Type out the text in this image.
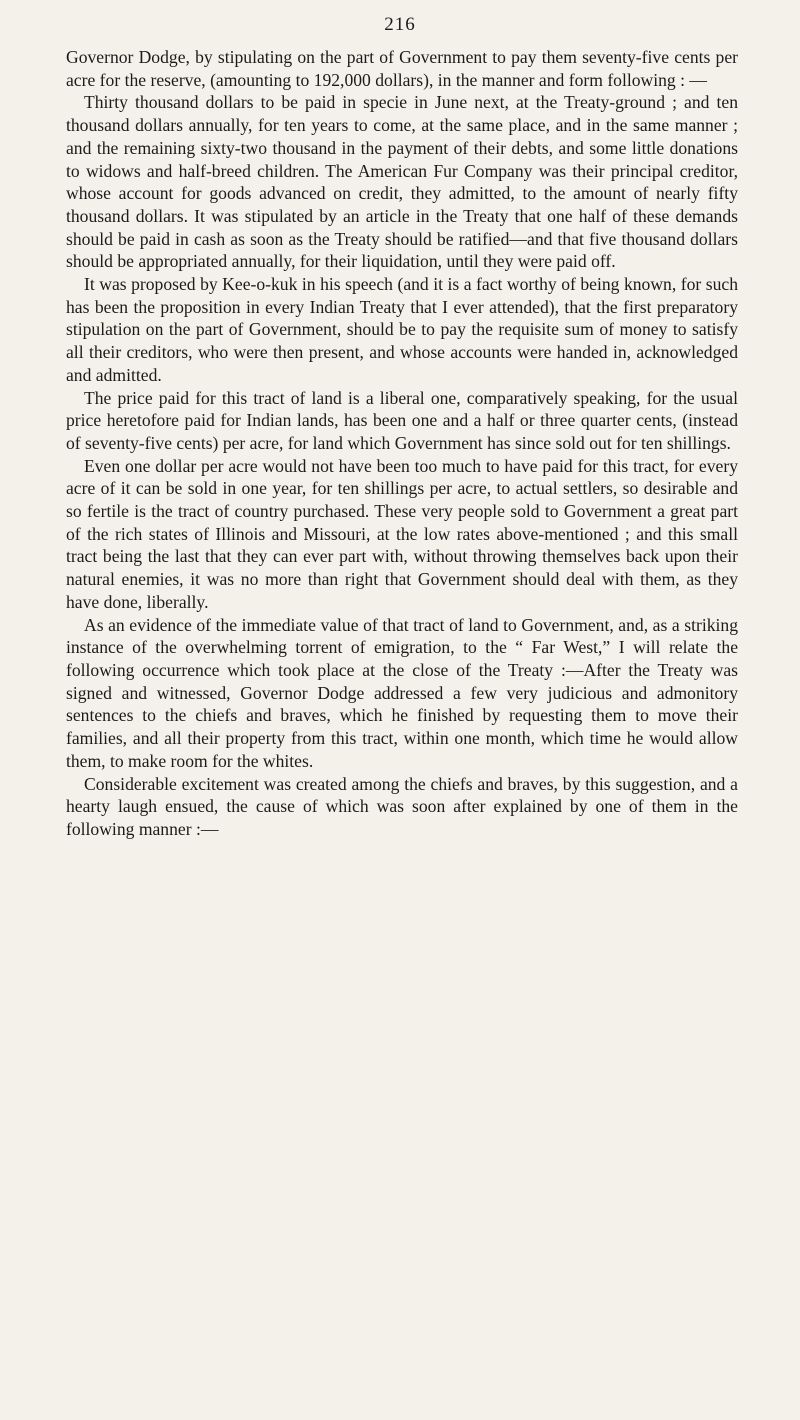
216

Governor Dodge, by stipulating on the part of Government to pay them seventy-five cents per acre for the reserve, (amounting to 192,000 dollars), in the manner and form following : —

Thirty thousand dollars to be paid in specie in June next, at the Treaty-ground ; and ten thousand dollars annually, for ten years to come, at the same place, and in the same manner ; and the remaining sixty-two thousand in the payment of their debts, and some little donations to widows and half-breed children. The American Fur Company was their principal creditor, whose account for goods advanced on credit, they admitted, to the amount of nearly fifty thousand dollars. It was stipulated by an article in the Treaty that one half of these demands should be paid in cash as soon as the Treaty should be ratified—and that five thousand dollars should be appropriated annually, for their liquidation, until they were paid off.

It was proposed by Kee-o-kuk in his speech (and it is a fact worthy of being known, for such has been the proposition in every Indian Treaty that I ever attended), that the first preparatory stipulation on the part of Government, should be to pay the requisite sum of money to satisfy all their creditors, who were then present, and whose accounts were handed in, acknowledged and admitted.

The price paid for this tract of land is a liberal one, comparatively speaking, for the usual price heretofore paid for Indian lands, has been one and a half or three quarter cents, (instead of seventy-five cents) per acre, for land which Government has since sold out for ten shillings.

Even one dollar per acre would not have been too much to have paid for this tract, for every acre of it can be sold in one year, for ten shillings per acre, to actual settlers, so desirable and so fertile is the tract of country purchased. These very people sold to Government a great part of the rich states of Illinois and Missouri, at the low rates above-mentioned ; and this small tract being the last that they can ever part with, without throwing themselves back upon their natural enemies, it was no more than right that Government should deal with them, as they have done, liberally.

As an evidence of the immediate value of that tract of land to Government, and, as a striking instance of the overwhelming torrent of emigration, to the “ Far West,” I will relate the following occurrence which took place at the close of the Treaty :—After the Treaty was signed and witnessed, Governor Dodge addressed a few very judicious and admonitory sentences to the chiefs and braves, which he finished by requesting them to move their families, and all their property from this tract, within one month, which time he would allow them, to make room for the whites.

Considerable excitement was created among the chiefs and braves, by this suggestion, and a hearty laugh ensued, the cause of which was soon after explained by one of them in the following manner :—
